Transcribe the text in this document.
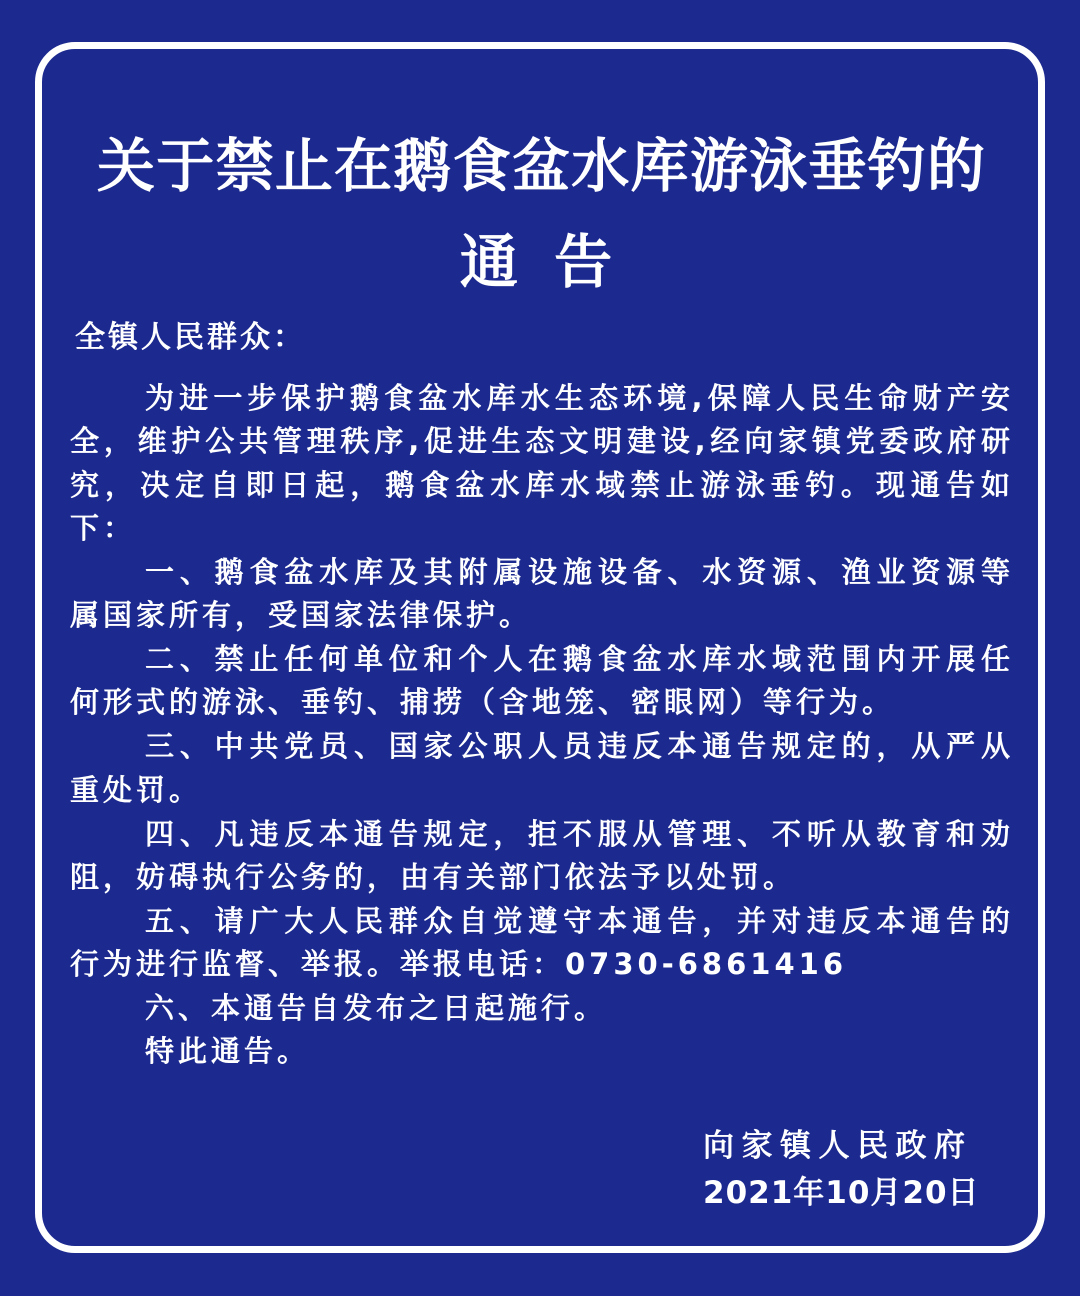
关于禁止在鹅食盆水库游泳垂钓的
通 告
全镇人民群众：
为进一步保护鹅食盆水库水生态环境,保障人民生命财产安
全，维护公共管理秩序,促进生态文明建设,经向家镇党委政府研
究，决定自即日起，鹅食盆水库水域禁止游泳垂钓。现通告如
下：
一、鹅食盆水库及其附属设施设备、水资源、渔业资源等
属国家所有，受国家法律保护。
二、禁止任何单位和个人在鹅食盆水库水域范围内开展任
何形式的游泳、垂钓、捕捞（含地笼、密眼网）等行为。
三、中共党员、国家公职人员违反本通告规定的，从严从
重处罚。
四、凡违反本通告规定，拒不服从管理、不听从教育和劝
阻，妨碍执行公务的，由有关部门依法予以处罚。
五、请广大人民群众自觉遵守本通告，并对违反本通告的
行为进行监督、举报。举报电话：0730-6861416
六、本通告自发布之日起施行。
特此通告。
向家镇人民政府
2021年10月20日
